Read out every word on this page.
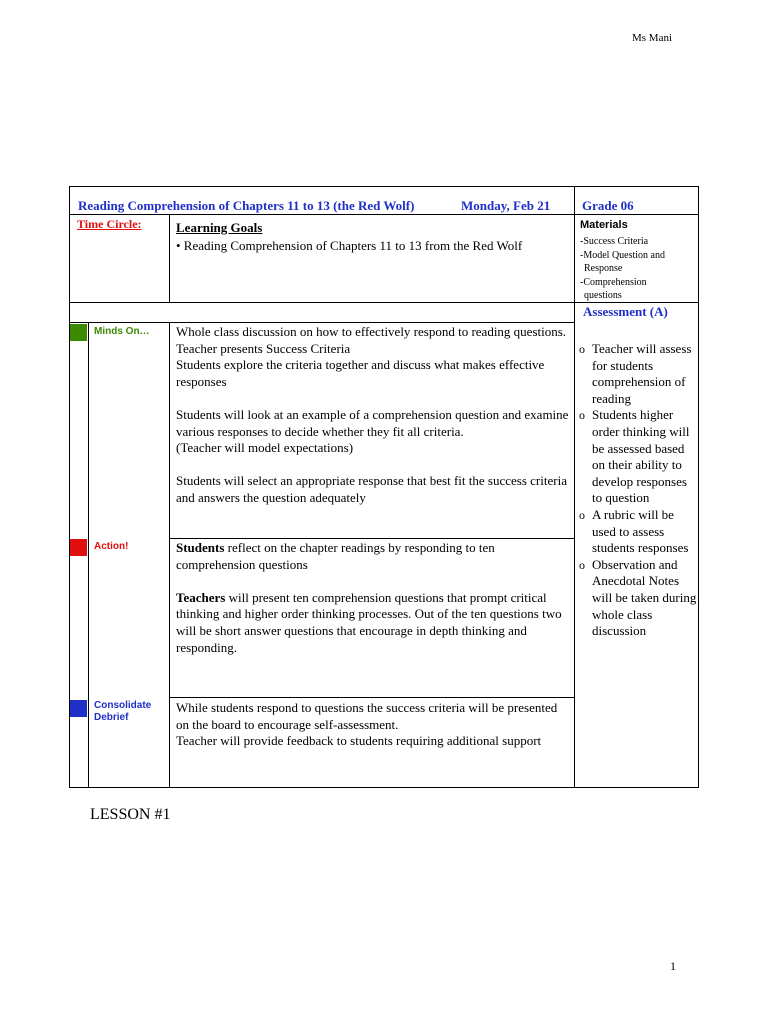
Ms Mani
Reading Comprehension of Chapters 11 to 13 (the Red Wolf)	Monday, Feb 21 Grade 06
Time Circle:	Learning Goals
• Reading Comprehension of Chapters 11 to 13 from the Red Wolf
Materials
-Success Criteria
-Model Question and
Response
-Comprehension
questions
Assessment (A)
Minds On…
Action!
Consolidate
Debrief

Whole class discussion on how to effectively respond to reading questions.
Teacher presents Success Criteria
Students explore the criteria together and discuss what makes effective responses

Students will look at an example of a comprehension question and examine various responses to decide whether they fit all criteria.
(Teacher will model expectations)

Students will select an appropriate response that best fit the success criteria and answers the question adequately

Students reflect on the chapter readings by responding to ten comprehension questions

Teachers will present ten comprehension questions that prompt critical thinking and higher order thinking processes. Out of the ten questions two will be short answer questions that encourage in depth thinking and responding.

While students respond to questions the success criteria will be presented on the board to encourage self-assessment.
Teacher will provide feedback to students requiring additional support

o Teacher will assess for students comprehension of reading
o Students higher order thinking will be assessed based on their ability to develop responses to question
o A rubric will be used to assess students responses
o Observation and Anecdotal Notes will be taken during whole class discussion
LESSON #1
1
